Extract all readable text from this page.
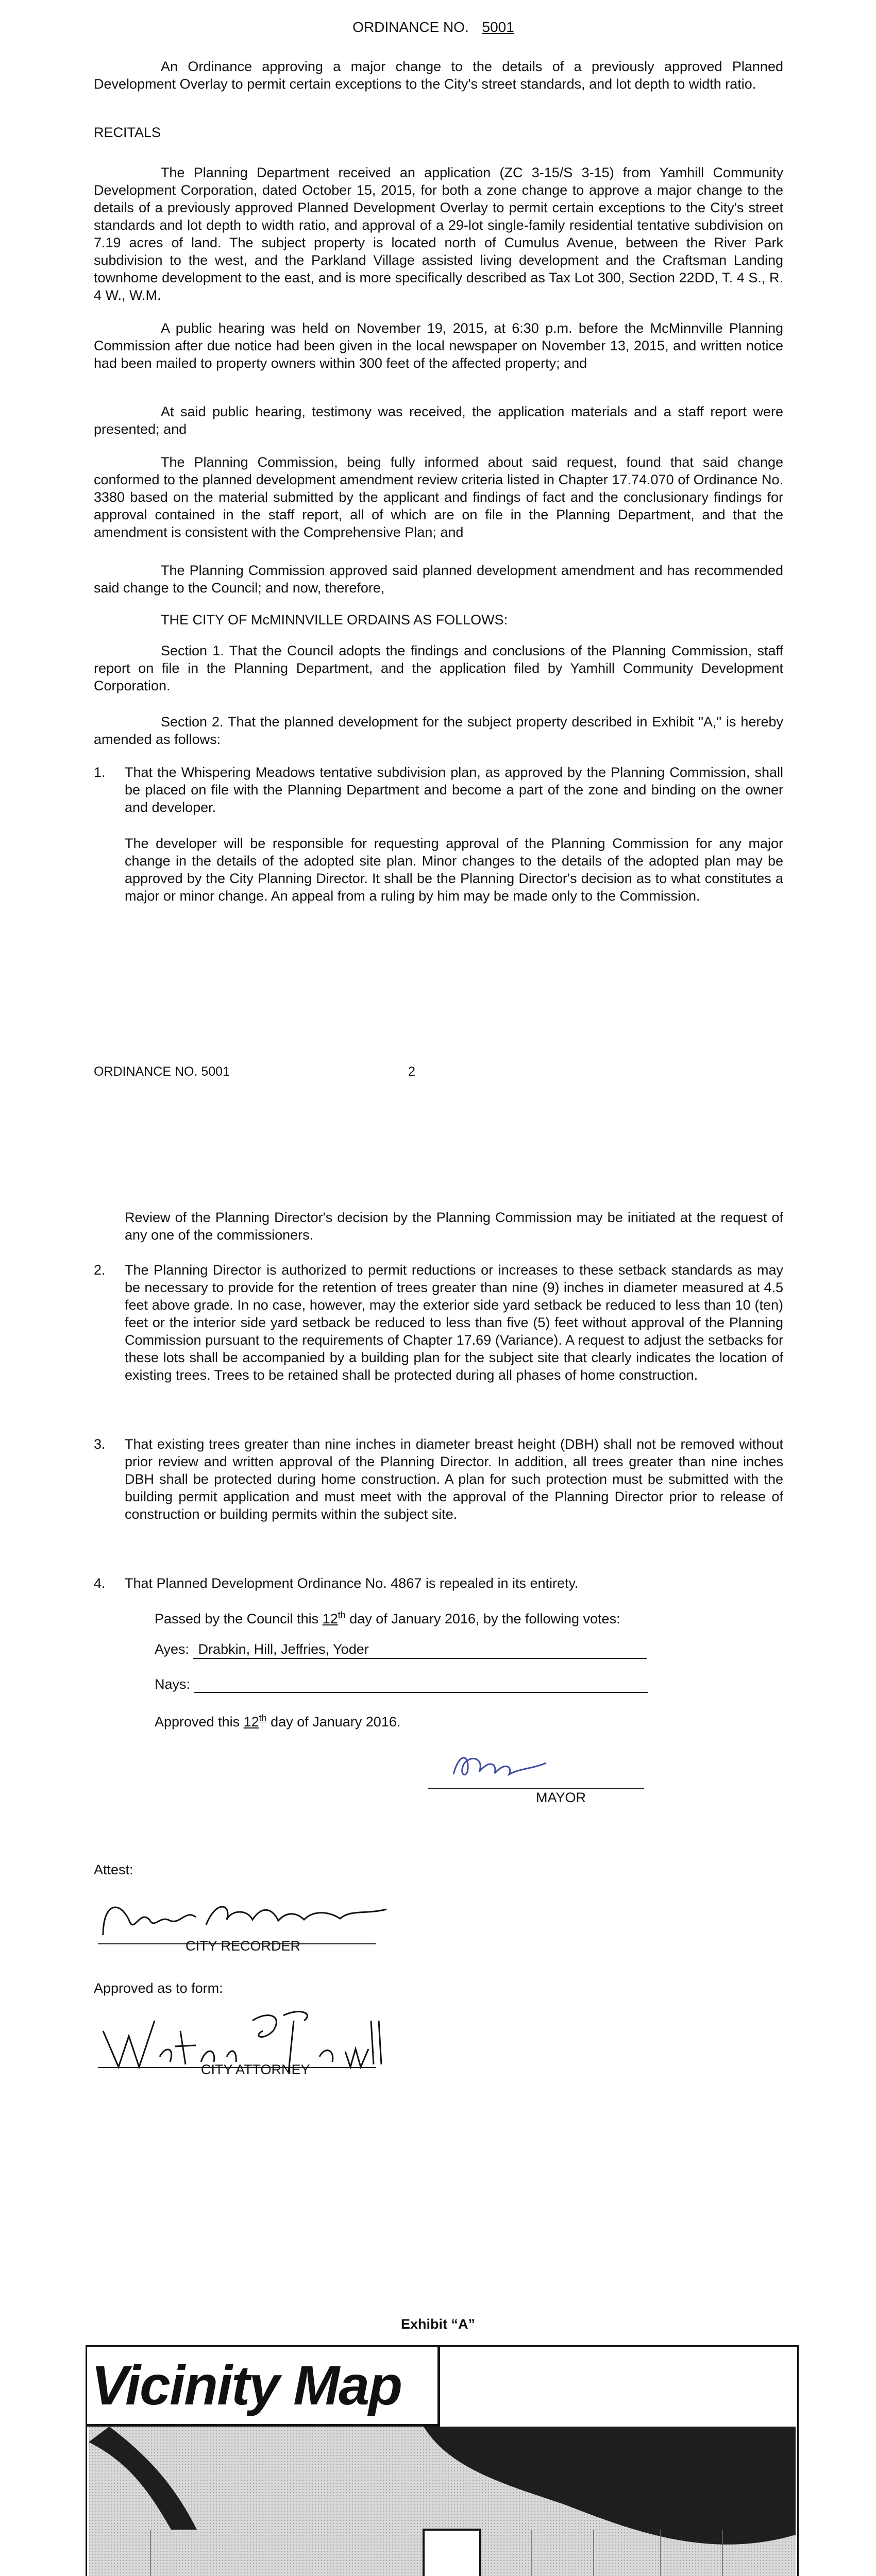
ORDINANCE NO. 5001

An Ordinance approving a major change to the details of a previously approved Planned Development Overlay to permit certain exceptions to the City's street standards, and lot depth to width ratio.

RECITALS

The Planning Department received an application (ZC 3-15/S 3-15) from Yamhill Community Development Corporation, dated October 15, 2015, for both a zone change to approve a major change to the details of a previously approved Planned Development Overlay to permit certain exceptions to the City's street standards and lot depth to width ratio, and approval of a 29-lot single-family residential tentative subdivision on 7.19 acres of land. The subject property is located north of Cumulus Avenue, between the River Park subdivision to the west, and the Parkland Village assisted living development and the Craftsman Landing townhome development to the east, and is more specifically described as Tax Lot 300, Section 22DD, T. 4 S., R. 4 W., W.M.

A public hearing was held on November 19, 2015, at 6:30 p.m. before the McMinnville Planning Commission after due notice had been given in the local newspaper on November 13, 2015, and written notice had been mailed to property owners within 300 feet of the affected property; and

At said public hearing, testimony was received, the application materials and a staff report were presented; and

The Planning Commission, being fully informed about said request, found that said change conformed to the planned development amendment review criteria listed in Chapter 17.74.070 of Ordinance No. 3380 based on the material submitted by the applicant and findings of fact and the conclusionary findings for approval contained in the staff report, all of which are on file in the Planning Department, and that the amendment is consistent with the Comprehensive Plan; and

The Planning Commission approved said planned development amendment and has recommended said change to the Council; and now, therefore,

THE CITY OF McMINNVILLE ORDAINS AS FOLLOWS:

Section 1. That the Council adopts the findings and conclusions of the Planning Commission, staff report on file in the Planning Department, and the application filed by Yamhill Community Development Corporation.

Section 2. That the planned development for the subject property described in Exhibit "A," is hereby amended as follows:

1. That the Whispering Meadows tentative subdivision plan, as approved by the Planning Commission, shall be placed on file with the Planning Department and become a part of the zone and binding on the owner and developer.

The developer will be responsible for requesting approval of the Planning Commission for any major change in the details of the adopted site plan. Minor changes to the details of the adopted plan may be approved by the City Planning Director. It shall be the Planning Director's decision as to what constitutes a major or minor change. An appeal from a ruling by him may be made only to the Commission.

ORDINANCE NO. 5001	2

Review of the Planning Director's decision by the Planning Commission may be initiated at the request of any one of the commissioners.

2. The Planning Director is authorized to permit reductions or increases to these setback standards as may be necessary to provide for the retention of trees greater than nine (9) inches in diameter measured at 4.5 feet above grade. In no case, however, may the exterior side yard setback be reduced to less than 10 (ten) feet or the interior side yard setback be reduced to less than five (5) feet without approval of the Planning Commission pursuant to the requirements of Chapter 17.69 (Variance). A request to adjust the setbacks for these lots shall be accompanied by a building plan for the subject site that clearly indicates the location of existing trees. Trees to be retained shall be protected during all phases of home construction.

3. That existing trees greater than nine inches in diameter breast height (DBH) shall not be removed without prior review and written approval of the Planning Director. In addition, all trees greater than nine inches DBH shall be protected during home construction. A plan for such protection must be submitted with the building permit application and must meet with the approval of the Planning Director prior to release of construction or building permits within the subject site.

4. That Planned Development Ordinance No. 4867 is repealed in its entirety.

Passed by the Council this 12th day of January 2016, by the following votes:

Ayes: Drabkin, Hill, Jeffries, Yoder

Nays:

Approved this 12th day of January 2016.

MAYOR
Attest:
CITY RECORDER
Approved as to form:
CITY ATTORNEY
Exhibit “A”
Vicinity Map
